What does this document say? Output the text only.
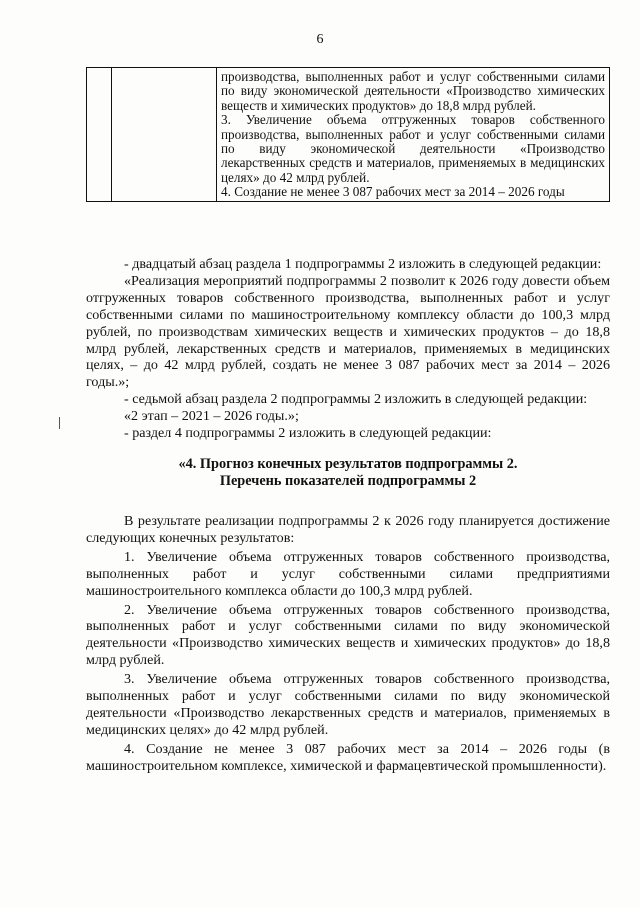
6

производства, выполненных работ и услуг собственными силами по виду экономической деятельности «Производство химических веществ и химических продуктов» до 18,8 млрд рублей.

3. Увеличение объема отгруженных товаров собственного производства, выполненных работ и услуг собственными силами по виду экономической деятельности «Производство лекарственных средств и материалов, применяемых в медицинских целях» до 42 млрд рублей.

4. Создание не менее 3 087 рабочих мест за 2014 – 2026 годы

- двадцатый абзац раздела 1 подпрограммы 2 изложить в следующей редакции:

«Реализация мероприятий подпрограммы 2 позволит к 2026 году довести объем отгруженных товаров собственного производства, выполненных работ и услуг собственными силами по машиностроительному комплексу области до 100,3 млрд рублей, по производствам химических веществ и химических продуктов – до 18,8 млрд рублей, лекарственных средств и материалов, применяемых в медицинских целях, – до 42 млрд рублей, создать не менее 3 087 рабочих мест за 2014 – 2026 годы.»;

- седьмой абзац раздела 2 подпрограммы 2 изложить в следующей редакции:

«2 этап – 2021 – 2026 годы.»;

- раздел 4 подпрограммы 2 изложить в следующей редакции:

«4. Прогноз конечных результатов подпрограммы 2.

Перечень показателей подпрограммы 2

В результате реализации подпрограммы 2 к 2026 году планируется достижение следующих конечных результатов:

1. Увеличение объема отгруженных товаров собственного производства, выполненных работ и услуг собственными силами предприятиями машиностроительного комплекса области до 100,3 млрд рублей.

2. Увеличение объема отгруженных товаров собственного производства, выполненных работ и услуг собственными силами по виду экономической деятельности «Производство химических веществ и химических продуктов» до 18,8 млрд рублей.

3. Увеличение объема отгруженных товаров собственного производства, выполненных работ и услуг собственными силами по виду экономической деятельности «Производство лекарственных средств и материалов, применяемых в медицинских целях» до 42 млрд рублей.

4. Создание не менее 3 087 рабочих мест за 2014 – 2026 годы (в машиностроительном комплексе, химической и фармацевтической промышленности).
